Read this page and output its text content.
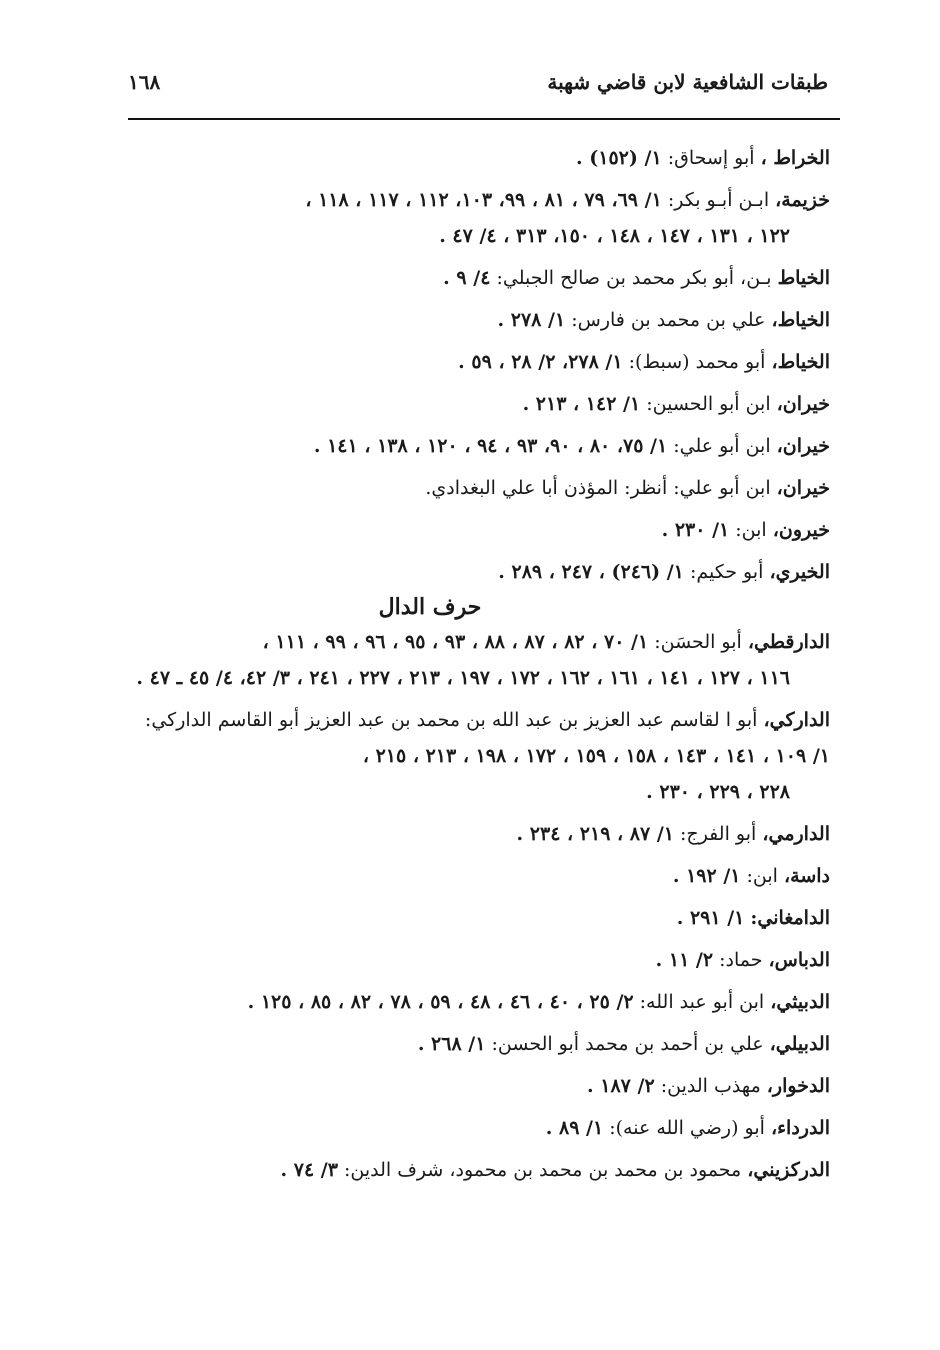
طبقات الشافعية لابن قاضي شهبة
١٦٨
الخراط ، أبو إسحاق: ١/ (١٥٢) .
خزيمة، ابـن أبـو بكر: ١/ ٦٩، ٧٩ ، ٨١ ، ٩٩، ١٠٣، ١١٢ ، ١١٧ ، ١١٨ ،
١٢٢ ، ١٣١ ، ١٤٧ ، ١٤٨ ، ١٥٠، ٣١٣ ، ٤/ ٤٧ .
الخياط بـن، أبو بكر محمد بن صالح الجبلي: ٤/ ٩ .
الخياط، علي بن محمد بن فارس: ١/ ٢٧٨ .
الخياط، أبو محمد (سبط): ١/ ٢٧٨، ٢/ ٢٨ ، ٥٩ .
خيران، ابن أبو الحسين: ١/ ١٤٢ ، ٢١٣ .
خيران، ابن أبو علي: ١/ ٧٥، ٨٠ ، ٩٠، ٩٣ ، ٩٤ ، ١٢٠ ، ١٣٨ ، ١٤١ .
خيران، ابن أبو علي: أنظر: المؤذن أبا علي البغدادي.
خيرون، ابن: ١/ ٢٣٠ .
الخيري، أبو حكيم: ١/ (٢٤٦) ، ٢٤٧ ، ٢٨٩ .
حرف الدال
الدارقطي، أبو الحسَن: ١/ ٧٠ ، ٨٢ ، ٨٧ ، ٨٨ ، ٩٣ ، ٩٥ ، ٩٦ ، ٩٩ ، ١١١ ،
١١٦ ، ١٢٧ ، ١٤١ ، ١٦١ ، ١٦٢ ، ١٧٢ ، ١٩٧ ، ٢١٣ ، ٢٢٧ ، ٢٤١ ، ٣/ ٤٢، ٤/ ٤٥ ـ ٤٧ .
الداركي، أبو ا لقاسم عبد العزيز بن عبد الله بن محمد بن عبد العزيز أبو القاسم الداركي: ١/ ١٠٩ ، ١٤١ ، ١٤٣ ، ١٥٨ ، ١٥٩ ، ١٧٢ ، ١٩٨ ، ٢١٣ ، ٢١٥ ،
٢٢٨ ، ٢٢٩ ، ٢٣٠ .
الدارمي، أبو الفرج: ١/ ٨٧ ، ٢١٩ ، ٢٣٤ .
داسة، ابن: ١/ ١٩٢ .
الدامغاني: ١/ ٢٩١ .
الدباس، حماد: ٢/ ١١ .
الدبيثي، ابن أبو عبد الله: ٢/ ٢٥ ، ٤٠ ، ٤٦ ، ٤٨ ، ٥٩ ، ٧٨ ، ٨٢ ، ٨٥ ، ١٢٥ .
الدبيلي، علي بن أحمد بن محمد أبو الحسن: ١/ ٢٦٨ .
الدخوار، مهذب الدين: ٢/ ١٨٧ .
الدرداء، أبو (رضي الله عنه): ١/ ٨٩ .
الدركزيني، محمود بن محمد بن محمد بن محمود، شرف الدين: ٣/ ٧٤ .
